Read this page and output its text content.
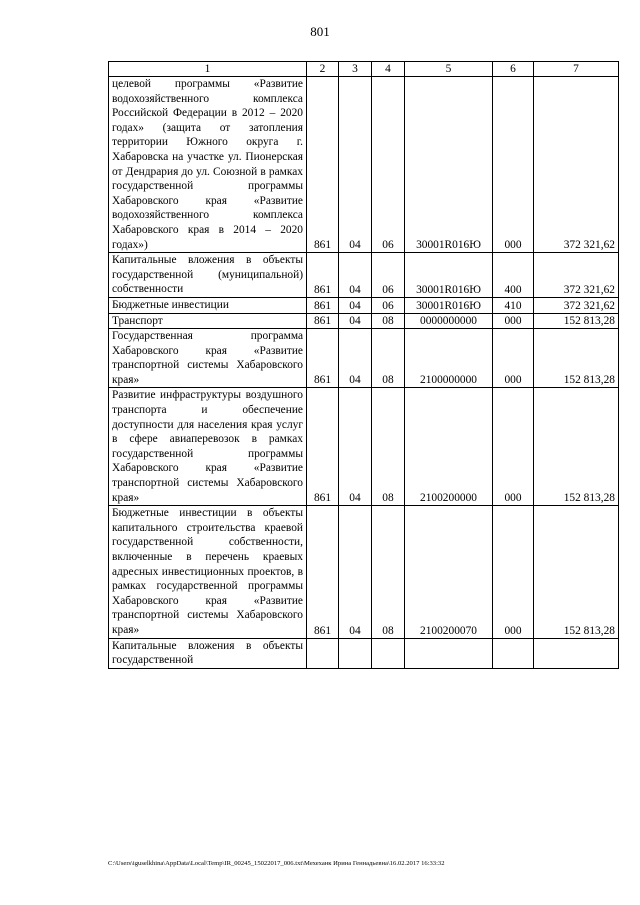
801
1	2	3	4	5	6	7
целевой программы «Развитие водохозяйственного комплекса Российской Федерации в 2012 – 2020 годах» (защита от затопления территории Южного округа г. Хабаровска на участке ул. Пионерская от Дендрария до ул. Союзной в рамках государственной программы Хабаровского края «Развитие водохозяйственного комплекса Хабаровского края в 2014 – 2020 годах»)	861	04	06	30001R016Ю	000	372 321,62
Капитальные вложения в объекты государственной (муниципальной) собственности	861	04	06	30001R016Ю	400	372 321,62
Бюджетные инвестиции	861	04	06	30001R016Ю	410	372 321,62
Транспорт	861	04	08	0000000000	000	152 813,28
Государственная программа Хабаровского края «Развитие транспортной системы Хабаровского края»	861	04	08	2100000000	000	152 813,28
Развитие инфраструктуры воздушного транспорта и обеспечение доступности для населения края услуг в сфере авиаперевозок в рамках государственной программы Хабаровского края «Развитие транспортной системы Хабаровского края»	861	04	08	2100200000	000	152 813,28
Бюджетные инвестиции в объекты капитального строительства краевой государственной собственности, включенные в перечень краевых адресных инвестиционных проектов, в рамках государственной программы Хабаровского края «Развитие транспортной системы Хабаровского края»	861	04	08	2100200070	000	152 813,28
Капитальные вложения в объекты государственной						
C:\Users\iguselkhina\AppData\Local\Temp\IR_00245_15022017_006.txt\Мехеханк Ирина Геннадьевна\16.02.2017 16:33:32
